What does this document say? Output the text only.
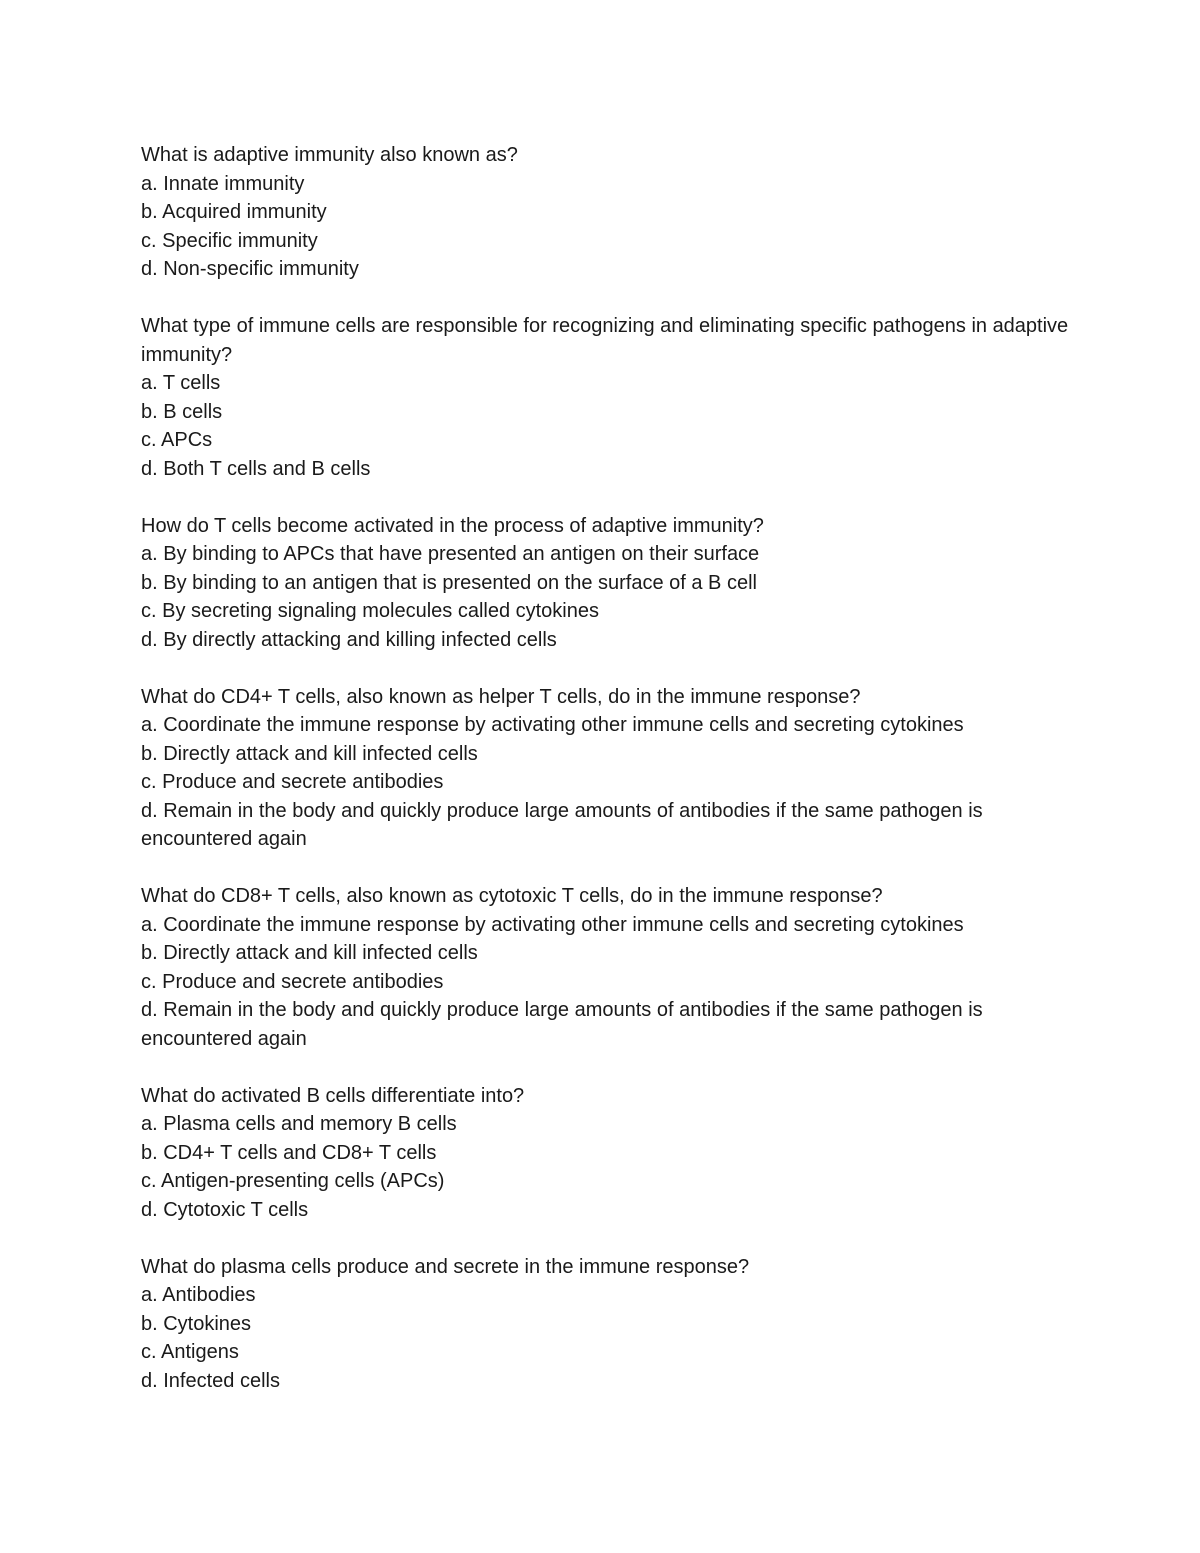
What is adaptive immunity also known as?

a. Innate immunity

b. Acquired immunity

c. Specific immunity

d. Non-specific immunity

What type of immune cells are responsible for recognizing and eliminating specific pathogens in adaptive immunity?

a. T cells

b. B cells

c. APCs

d. Both T cells and B cells

How do T cells become activated in the process of adaptive immunity?

a. By binding to APCs that have presented an antigen on their surface

b. By binding to an antigen that is presented on the surface of a B cell

c. By secreting signaling molecules called cytokines

d. By directly attacking and killing infected cells

What do CD4+ T cells, also known as helper T cells, do in the immune response?

a. Coordinate the immune response by activating other immune cells and secreting cytokines

b. Directly attack and kill infected cells

c. Produce and secrete antibodies

d. Remain in the body and quickly produce large amounts of antibodies if the same pathogen is encountered again

What do CD8+ T cells, also known as cytotoxic T cells, do in the immune response?

a. Coordinate the immune response by activating other immune cells and secreting cytokines

b. Directly attack and kill infected cells

c. Produce and secrete antibodies

d. Remain in the body and quickly produce large amounts of antibodies if the same pathogen is encountered again

What do activated B cells differentiate into?

a. Plasma cells and memory B cells

b. CD4+ T cells and CD8+ T cells

c. Antigen-presenting cells (APCs)

d. Cytotoxic T cells

What do plasma cells produce and secrete in the immune response?

a. Antibodies

b. Cytokines

c. Antigens

d. Infected cells
